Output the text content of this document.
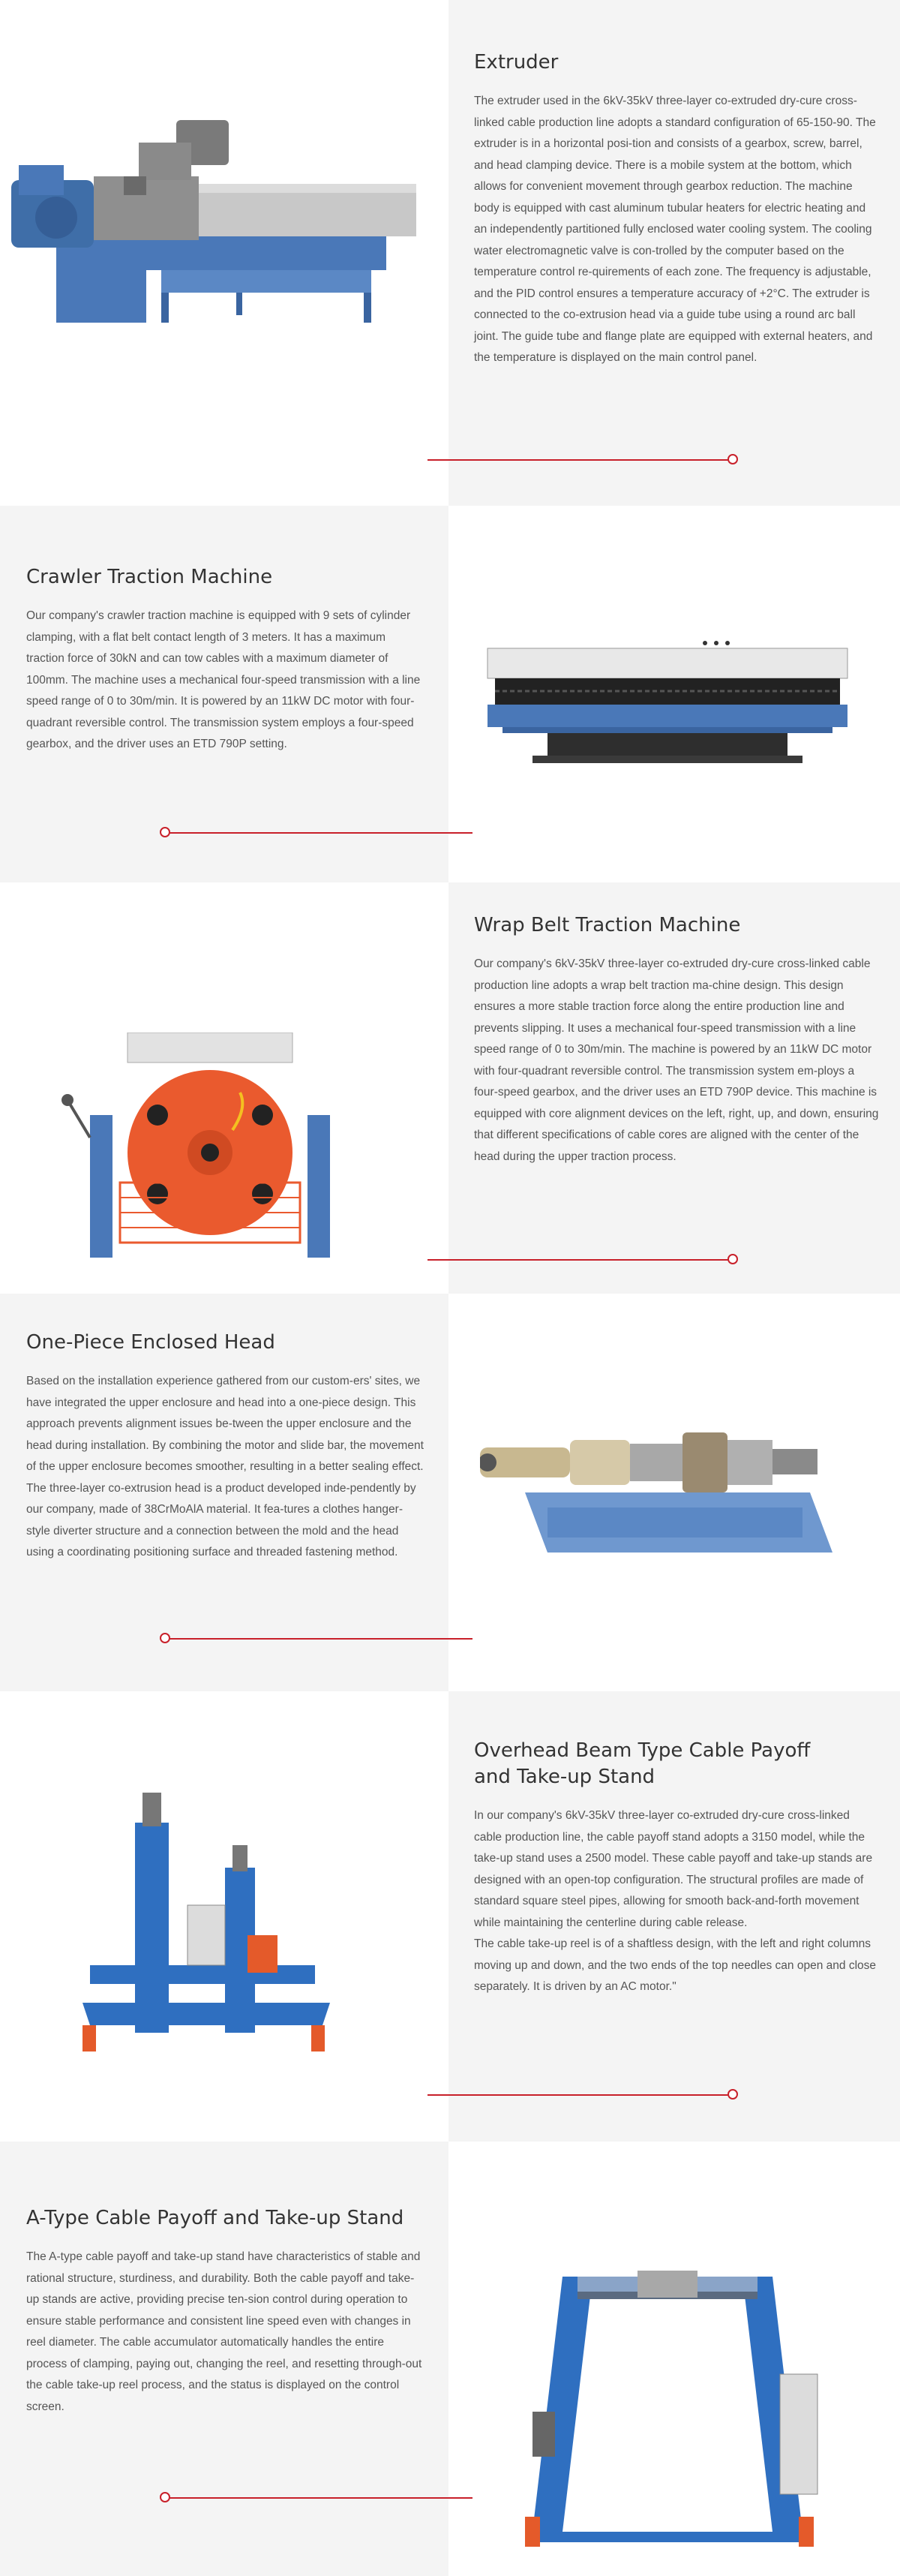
Extruder

The extruder used in the 6kV-35kV three-layer co-extruded dry-cure cross-linked cable production line adopts a standard configuration of 65-150-90. The extruder is in a horizontal posi-tion and consists of a gearbox, screw, barrel, and head clamping device. There is a mobile system at the bottom, which allows for convenient movement through gearbox reduction. The machine body is equipped with cast aluminum tubular heaters for electric heating and an independently partitioned fully enclosed water cooling system. The cooling water electromagnetic valve is con-trolled by the computer based on the temperature control re-quirements of each zone. The frequency is adjustable, and the PID control ensures a temperature accuracy of +2°C. The extruder is connected to the co-extrusion head via a guide tube using a round arc ball joint. The guide tube and flange plate are equipped with external heaters, and the temperature is displayed on the main control panel.

Crawler Traction Machine

Our company's crawler traction machine is equipped with 9 sets of cylinder clamping, with a flat belt contact length of 3 meters. It has a maximum traction force of 30kN and can tow cables with a maximum diameter of 100mm. The machine uses a mechanical four-speed transmission with a line speed range of 0 to 30m/min. It is powered by an 11kW DC motor with four-quadrant reversible control. The transmission system employs a four-speed gearbox, and the driver uses an ETD 790P setting.

Wrap Belt Traction Machine

Our company's 6kV-35kV three-layer co-extruded dry-cure cross-linked cable production line adopts a wrap belt traction ma-chine design. This design ensures a more stable traction force along the entire production line and prevents slipping. It uses a mechanical four-speed transmission with a line speed range of 0 to 30m/min. The machine is powered by an 11kW DC motor with four-quadrant reversible control. The transmission system em-ploys a four-speed gearbox, and the driver uses an ETD 790P device. This machine is equipped with core alignment devices on the left, right, up, and down, ensuring that different specifications of cable cores are aligned with the center of the head during the upper traction process.

One-Piece Enclosed Head

Based on the installation experience gathered from our custom-ers' sites, we have integrated the upper enclosure and head into a one-piece design. This approach prevents alignment issues be-tween the upper enclosure and the head during installation. By combining the motor and slide bar, the movement of the upper enclosure becomes smoother, resulting in a better sealing effect. The three-layer co-extrusion head is a product developed inde-pendently by our company, made of 38CrMoAlA material. It fea-tures a clothes hanger-style diverter structure and a connection between the mold and the head using a coordinating positioning surface and threaded fastening method.

Overhead Beam Type Cable Payoff and Take-up Stand

In our company's 6kV-35kV three-layer co-extruded dry-cure cross-linked cable production line, the cable payoff stand adopts a 3150 model, while the take-up stand uses a 2500 model. These cable payoff and take-up stands are designed with an open-top configuration. The structural profiles are made of standard square steel pipes, allowing for smooth back-and-forth movement while maintaining the centerline during cable release.
The cable take-up reel is of a shaftless design, with the left and right columns moving up and down, and the two ends of the top needles can open and close separately. It is driven by an AC motor."

A-Type Cable Payoff and Take-up Stand

The A-type cable payoff and take-up stand have characteristics of stable and rational structure, sturdiness, and durability. Both the cable payoff and take-up stands are active, providing precise ten-sion control during operation to ensure stable performance and consistent line speed even with changes in reel diameter. The cable accumulator automatically handles the entire process of clamping, paying out, changing the reel, and resetting through-out the cable take-up reel process, and the status is displayed on the control screen.
